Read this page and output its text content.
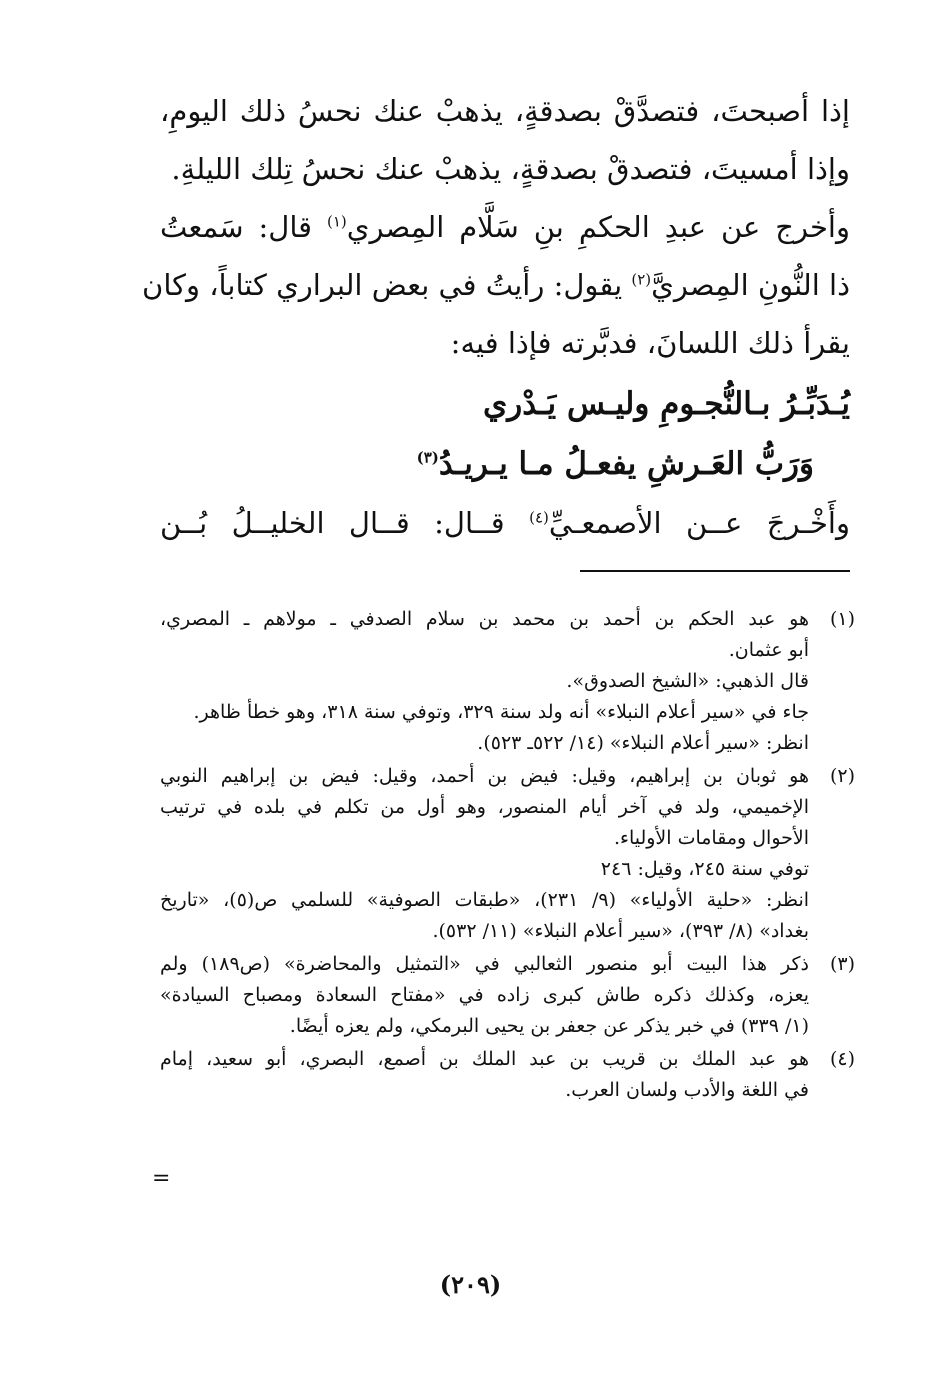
إذا أصبحتَ، فتصدَّقْ بصدقةٍ، يذهبْ عنك نحسُ ذلك اليومِ،
وإذا أمسيتَ، فتصدقْ بصدقةٍ، يذهبْ عنك نحسُ تِلك الليلةِ.
وأخرج عن عبدِ الحكمِ بنِ سَلَّام المِصري$^{(١)}$ قال: سَمعتُ
ذا النُّونِ المِصريَّ$^{(٢)}$ يقول: رأيتُ في بعض البراري كتاباً، وكان
يقرأ ذلك اللسانَ، فدبَّرته فإذا فيه:
يُـدَبِّـرُ بـالنُّجـومِ وليـس يَـدْري
وَرَبُّ العَـرشِ يفعـلُ مـا يـريـدُ$^{(٣)}$
وأَخْـرجَ عــن الأصمعـيِّ$^{(٤)}$ قــال: قــال الخليــلُ بُــن
(١)
هو عبد الحكم بن أحمد بن محمد بن سلام الصدفي ـ مولاهم ـ المصري،
أبو عثمان.
قال الذهبي: «الشيخ الصدوق».
جاء في «سير أعلام النبلاء» أنه ولد سنة ٣٢٩، وتوفي سنة ٣١٨، وهو خطأ ظاهر.
انظر: «سير أعلام النبلاء» (١٤/ ٥٢٢ـ ٥٢٣).
(٢)
هو ثوبان بن إبراهيم، وقيل: فيض بن أحمد، وقيل: فيض بن إبراهيم النوبي
الإخميمي، ولد في آخر أيام المنصور، وهو أول من تكلم في بلده في ترتيب
الأحوال ومقامات الأولياء.
توفي سنة ٢٤٥، وقيل: ٢٤٦
انظر: «حلية الأولياء» (٩/ ٢٣١)، «طبقات الصوفية» للسلمي ص(٥)، «تاريخ
بغداد» (٨/ ٣٩٣)، «سير أعلام النبلاء» (١١/ ٥٣٢).
(٣)
ذكر هذا البيت أبو منصور الثعالبي في «التمثيل والمحاضرة» (ص١٨٩) ولم
يعزه، وكذلك ذكره طاش كبرى زاده في «مفتاح السعادة ومصباح السيادة»
(١/ ٣٣٩) في خبر يذكر عن جعفر بن يحيى البرمكي، ولم يعزه أيضًا.
(٤)
هو عبد الملك بن قريب بن عبد الملك بن أصمع، البصري، أبو سعيد، إمام
في اللغة والأدب ولسان العرب.
=
(٢٠٩)
